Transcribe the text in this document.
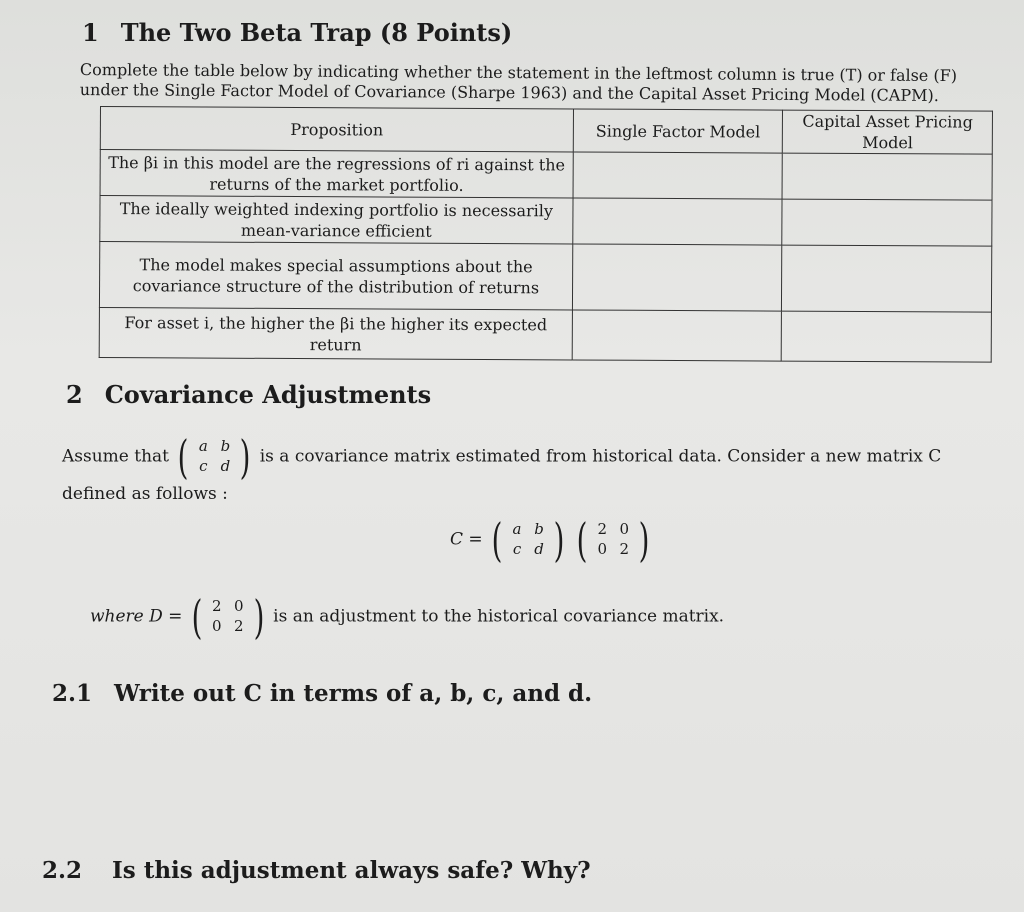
1 The Two Beta Trap (8 Points)

Complete the table below by indicating whether the statement in the leftmost column is true (T) or false (F)

under the Single Factor Model of Covariance (Sharpe 1963) and the Capital Asset Pricing Model (CAPM).

Proposition	Single Factor Model	Capital Asset Pricing Model
The βi in this model are the regressions of ri against the returns of the market portfolio.		
The ideally weighted indexing portfolio is necessarily mean-variance efficient		
The model makes special assumptions about the covariance structure of the distribution of returns		
For asset i, the higher the βi the higher its expected return		
2 Covariance Adjustments
Assume that ( a b
c d ) is a covariance matrix estimated from historical data. Consider a new matrix C
defined as follows :
C = ( a b
c d )
( 2 0
0 2 )
where D = ( 2 0
0 2 ) is an adjustment to the historical covariance matrix.
2.1 Write out C in terms of a, b, c, and d.
2.2 Is this adjustment always safe? Why?
